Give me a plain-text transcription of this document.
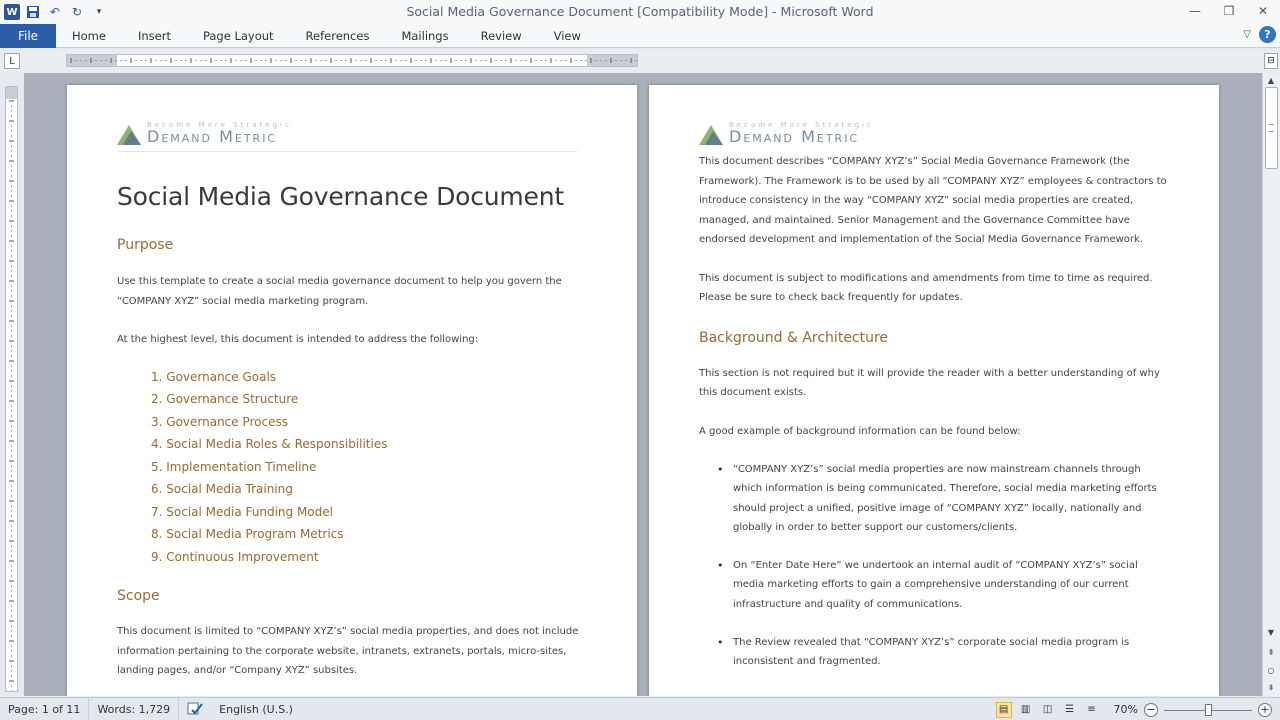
W	↶ ↻	▾	Social Media Governance Document [Compatibility Mode] - Microsoft Word	—	❐	✕
File	Home	Insert	Page Layout	References	Mailings	Review	View	▽	?
L	⊟
Become More Strategic
Demand Metric
Social Media Governance Document
Purpose
Use this template to create a social media governance document to help you govern the “COMPANY XYZ” social media marketing program.
At the highest level, this document is intended to address the following:
1. Governance Goals
2. Governance Structure
3. Governance Process
4. Social Media Roles & Responsibilities
5. Implementation Timeline
6. Social Media Training
7. Social Media Funding Model
8. Social Media Program Metrics
9. Continuous Improvement
Scope
This document is limited to “COMPANY XYZ’s” social media properties, and does not include information pertaining to the corporate website, intranets, extranets, portals, micro-sites, landing pages, and/or “Company XYZ” subsites.
Become More Strategic
Demand Metric
This document describes “COMPANY XYZ’s” Social Media Governance Framework (the Framework). The Framework is to be used by all “COMPANY XYZ” employees & contractors to introduce consistency in the way “COMPANY XYZ” social media properties are created, managed, and maintained. Senior Management and the Governance Committee have endorsed development and implementation of the Social Media Governance Framework.
This document is subject to modifications and amendments from time to time as required. Please be sure to check back frequently for updates.
Background & Architecture
This section is not required but it will provide the reader with a better understanding of why this document exists.
A good example of background information can be found below:
• “COMPANY XYZ’s” social media properties are now mainstream channels through which information is being communicated. Therefore, social media marketing efforts should project a unified, positive image of “COMPANY XYZ” locally, nationally and globally in order to better support our customers/clients.
• On “Enter Date Here” we undertook an internal audit of “COMPANY XYZ’s” social media marketing efforts to gain a comprehensive understanding of our current infrastructure and quality of communications.
• The Review revealed that “COMPANY XYZ’s” corporate social media program is inconsistent and fragmented.
▲
▼
⇞
○
⇟
Page: 1 of 11	Words: 1,729	English (U.S.)	▤	▥	◫	☰	≡	70% −	+
